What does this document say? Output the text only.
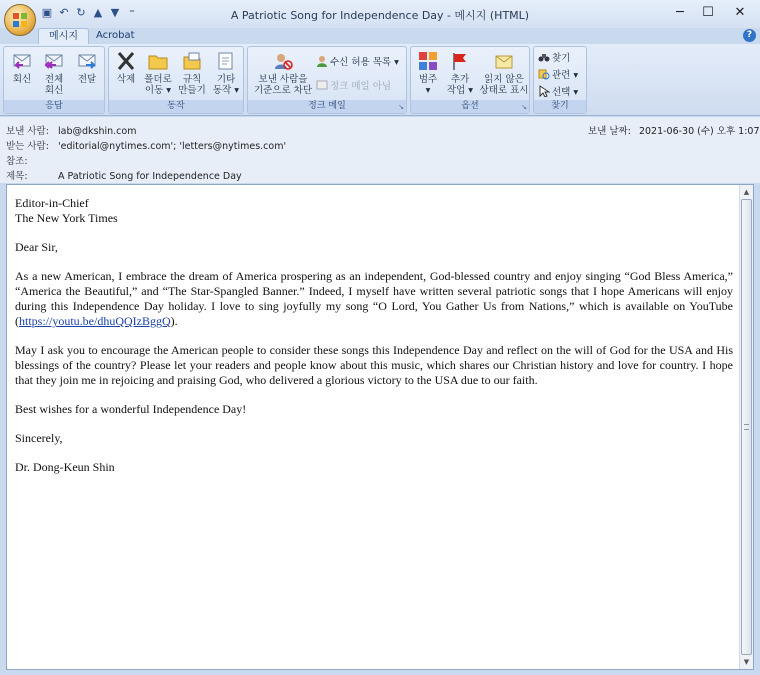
▣ ↶ ↻ ▲ ▼ ⁼	A Patriotic Song for Independence Day - 메시지 (HTML)	─	☐	✕
메시지	Acrobat	?
회신	전체
회신
전달
응답
삭제 폴더로
이동 ▾
규칙
만들기
기타
동작 ▾
동작
보낸 사람을
기준으로 차단
수신 허용 목록 ▾
정크 메일 아님
정크 메일	↘
범주
▾
추가
작업 ▾
읽지 않은
상태로 표시
옵션	↘
찾기
관련 ▾
선택 ▾
찾기
보낸 사람: lab@dkshin.com
받는 사람: 'editorial@nytimes.com'; 'letters@nytimes.com'
참조:
제목:	A Patriotic Song for Independence Day
보낸 날짜: 2021-06-30 (수) 오후 1:07

Editor-in-Chief
The New York Times

Dear Sir,

As a new American, I embrace the dream of America prospering as an independent, God-blessed country and enjoy singing “God Bless America,” “America the Beautiful,” and “The Star-Spangled Banner.” Indeed, I myself have written several patriotic songs that I hope Americans will enjoy during this Independence Day holiday. I love to sing joyfully my song “O Lord, You Gather Us from Nations,” which is available on YouTube (https://youtu.be/dhuQQIzBggQ).

May I ask you to encourage the American people to consider these songs this Independence Day and reflect on the will of God for the USA and His blessings of the country? Please let your readers and people know about this music, which shares our Christian history and love for country. I hope that they join me in rejoicing and praising God, who delivered a glorious victory to the USA due to our faith.

Best wishes for a wonderful Independence Day!

Sincerely,

Dr. Dong-Keun Shin

▲
▼
